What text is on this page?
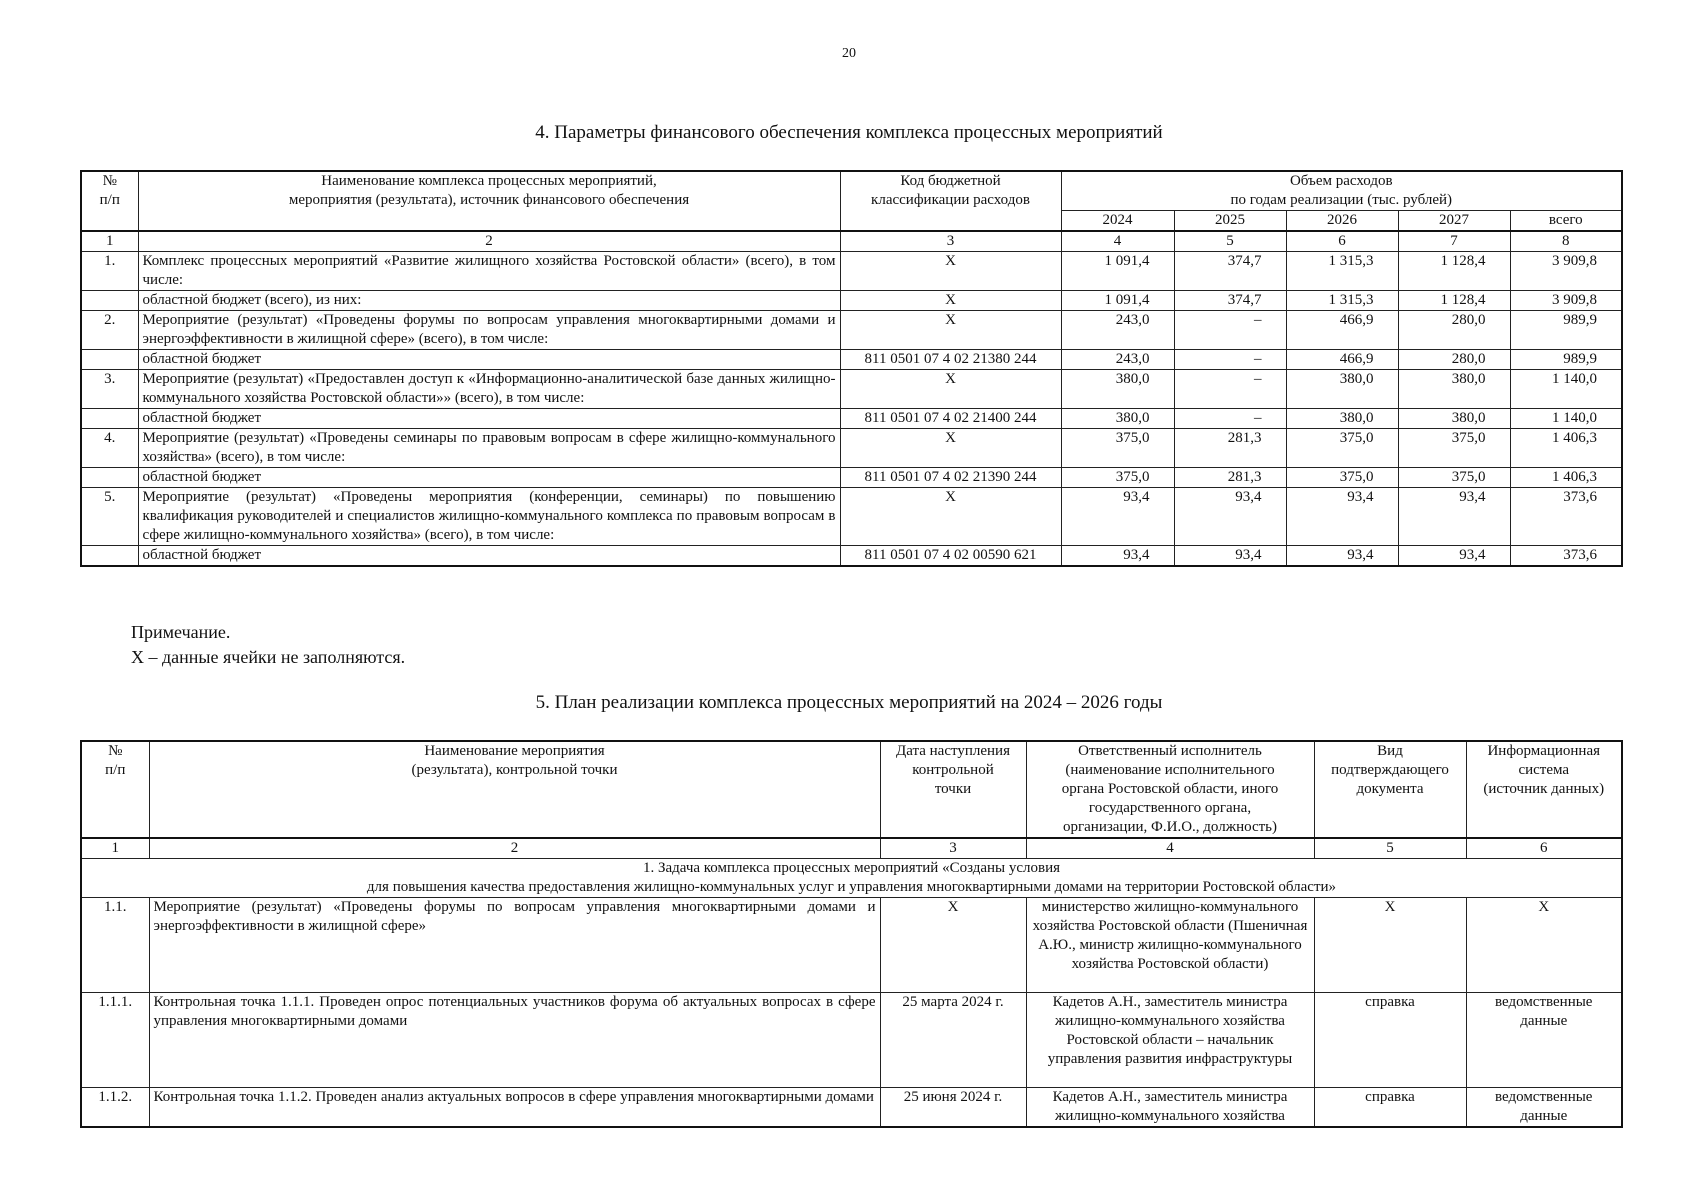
20
4. Параметры финансового обеспечения комплекса процессных мероприятий
№
п/п	Наименование комплекса процессных мероприятий,
мероприятия (результата), источник финансового обеспечения	Код бюджетной
классификации расходов	Объем расходов
по годам реализации (тыс. рублей)				
			2024	2025	2026	2027	всего
1	2	3	4	5	6	7	8
1.	Комплекс процессных мероприятий «Развитие жилищного хозяйства Ростовской области» (всего), в том числе:	X	1 091,4	374,7	1 315,3	1 128,4	3 909,8
	областной бюджет (всего), из них:	X	1 091,4	374,7	1 315,3	1 128,4	3 909,8
2.	Мероприятие (результат) «Проведены форумы по вопросам управления многоквартирными домами и энергоэффективности в жилищной сфере» (всего), в том числе:	X	243,0	–	466,9	280,0	989,9
	областной бюджет	811 0501 07 4 02 21380 244	243,0	–	466,9	280,0	989,9
3.	Мероприятие (результат) «Предоставлен доступ к «Информационно-аналитической базе данных жилищно-коммунального хозяйства Ростовской области»» (всего), в том числе:	X	380,0	–	380,0	380,0	1 140,0
	областной бюджет	811 0501 07 4 02 21400 244	380,0	–	380,0	380,0	1 140,0
4.	Мероприятие (результат) «Проведены семинары по правовым вопросам в сфере жилищно-коммунального хозяйства» (всего), в том числе:	X	375,0	281,3	375,0	375,0	1 406,3
	областной бюджет	811 0501 07 4 02 21390 244	375,0	281,3	375,0	375,0	1 406,3
5.	Мероприятие (результат) «Проведены мероприятия (конференции, семинары) по повышению квалификация руководителей и специалистов жилищно-коммунального комплекса по правовым вопросам в сфере жилищно-коммунального хозяйства» (всего), в том числе:	X	93,4	93,4	93,4	93,4	373,6
	областной бюджет	811 0501 07 4 02 00590 621	93,4	93,4	93,4	93,4	373,6
Примечание.
X – данные ячейки не заполняются.
5. План реализации комплекса процессных мероприятий на 2024 – 2026 годы
№
п/п	Наименование мероприятия
(результата), контрольной точки	Дата наступления
контрольной
точки	Ответственный исполнитель
(наименование исполнительного
органа Ростовской области, иного
государственного органа,
организации, Ф.И.О., должность)	Вид
подтверждающего
документа	Информационная
система
(источник данных)
1	2	3	4	5	6
1. Задача комплекса процессных мероприятий «Созданы условия
для повышения качества предоставления жилищно-коммунальных услуг и управления многоквартирными домами на территории Ростовской области»					
1.1.	Мероприятие (результат) «Проведены форумы по вопросам управления многоквартирными домами и энергоэффективности в жилищной сфере»	X	министерство жилищно-коммунального хозяйства Ростовской области (Пшеничная А.Ю., министр жилищно-коммунального хозяйства Ростовской области)	X	X
1.1.1.	Контрольная точка 1.1.1. Проведен опрос потенциальных участников форума об актуальных вопросах в сфере управления многоквартирными домами	25 марта 2024 г.	Кадетов А.Н., заместитель министра жилищно-коммунального хозяйства Ростовской области – начальник управления развития инфраструктуры	справка	ведомственные данные
1.1.2.	Контрольная точка 1.1.2. Проведен анализ актуальных вопросов в сфере управления многоквартирными домами	25 июня 2024 г.	Кадетов А.Н., заместитель министра жилищно-коммунального хозяйства	справка	ведомственные данные
